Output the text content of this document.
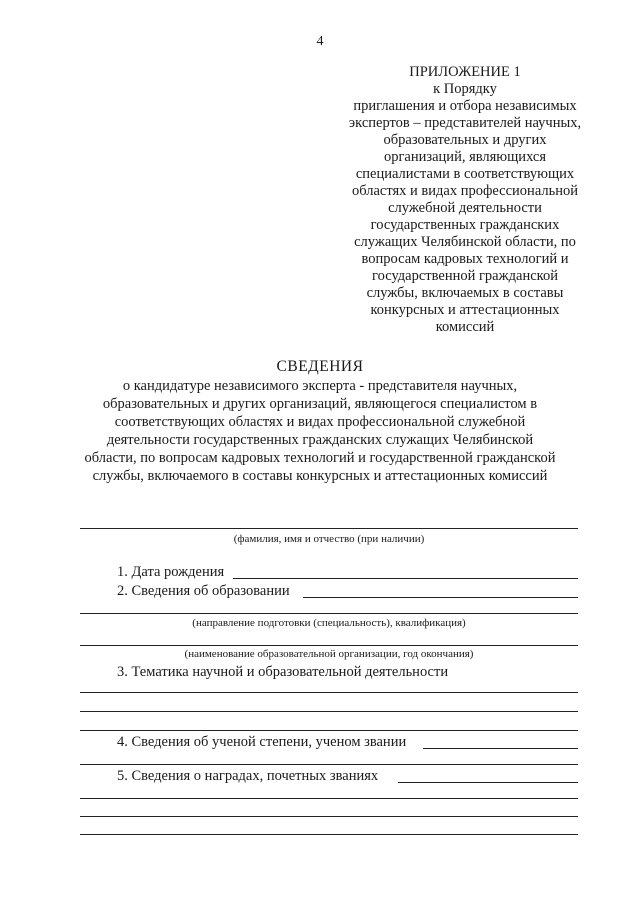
4
ПРИЛОЖЕНИЕ 1
к Порядку
приглашения и отбора независимых
экспертов – представителей научных,
образовательных и других
организаций, являющихся
специалистами в соответствующих
областях и видах профессиональной
служебной деятельности
государственных гражданских
служащих Челябинской области, по
вопросам кадровых технологий и
государственной гражданской
службы, включаемых в составы
конкурсных и аттестационных
комиссий
СВЕДЕНИЯ
о кандидатуре независимого эксперта - представителя научных,
образовательных и других организаций, являющегося специалистом в
соответствующих областях и видах профессиональной служебной
деятельности государственных гражданских служащих Челябинской
области, по вопросам кадровых технологий и государственной гражданской
службы, включаемого в составы конкурсных и аттестационных комиссий
(фамилия, имя и отчество (при наличии)
1. Дата рождения
2. Сведения об образовании
(направление подготовки (специальность), квалификация)
(наименование образовательной организации, год окончания)
3. Тематика научной и образовательной деятельности
4. Сведения об ученой степени, ученом звании
5. Сведения о наградах, почетных званиях
